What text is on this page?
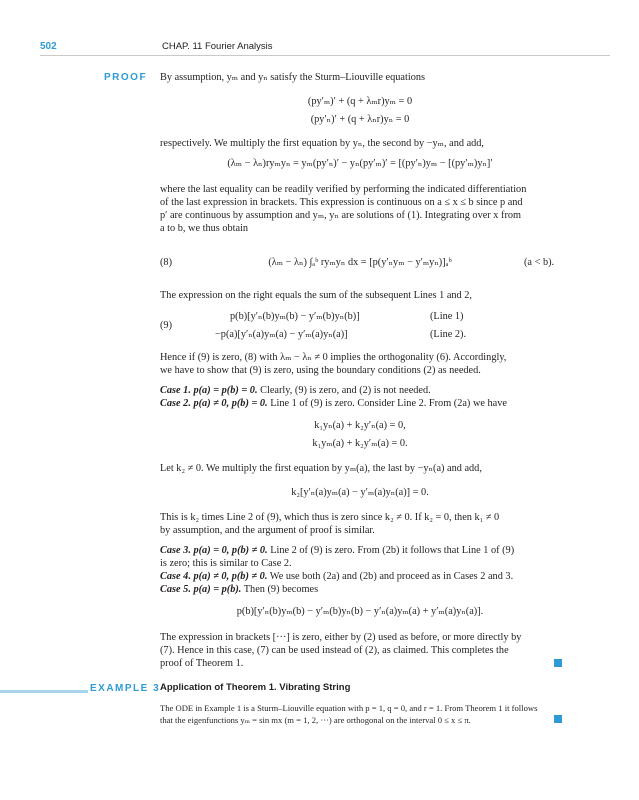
502	CHAP. 11 Fourier Analysis
PROOF By assumption, yₘ and yₙ satisfy the Sturm–Liouville equations
(py′ₘ)′ + (q + λₘr)yₘ = 0
(py′ₙ)′ + (q + λₙr)yₙ = 0
respectively. We multiply the first equation by yₙ, the second by −yₘ, and add,
(λₘ − λₙ)ryₘyₙ = yₘ(py′ₙ)′ − yₙ(py′ₘ)′ = [(py′ₙ)yₘ − [(py′ₘ)yₙ]′
where the last equality can be readily verified by performing the indicated differentiation
of the last expression in brackets. This expression is continuous on a ≤ x ≤ b since p and
p′ are continuous by assumption and yₘ, yₙ are solutions of (1). Integrating over x from
a to b, we thus obtain
(8)	(λₘ − λₙ) ∫ₐᵇ ryₘyₙ dx = [p(y′ₙyₘ − y′ₘyₙ)]ₐᵇ	(a < b).
The expression on the right equals the sum of the subsequent Lines 1 and 2,
(9)
p(b)[y′ₙ(b)yₘ(b) − y′ₘ(b)yₙ(b)]	(Line 1)
−p(a)[y′ₙ(a)yₘ(a) − y′ₘ(a)yₙ(a)]	(Line 2).
Hence if (9) is zero, (8) with λₘ − λₙ ≠ 0 implies the orthogonality (6). Accordingly,
we have to show that (9) is zero, using the boundary conditions (2) as needed.
Case 1. p(a) = p(b) = 0. Clearly, (9) is zero, and (2) is not needed.
Case 2. p(a) ≠ 0, p(b) = 0. Line 1 of (9) is zero. Consider Line 2. From (2a) we have
k₁yₙ(a) + k₂y′ₙ(a) = 0,
k₁yₘ(a) + k₂y′ₘ(a) = 0.
Let k₂ ≠ 0. We multiply the first equation by yₘ(a), the last by −yₙ(a) and add,
k₂[y′ₙ(a)yₘ(a) − y′ₘ(a)yₙ(a)] = 0.
This is k₂ times Line 2 of (9), which thus is zero since k₂ ≠ 0. If k₂ = 0, then k₁ ≠ 0
by assumption, and the argument of proof is similar.
Case 3. p(a) = 0, p(b) ≠ 0. Line 2 of (9) is zero. From (2b) it follows that Line 1 of (9)
is zero; this is similar to Case 2.
Case 4. p(a) ≠ 0, p(b) ≠ 0. We use both (2a) and (2b) and proceed as in Cases 2 and 3.
Case 5. p(a) = p(b). Then (9) becomes
p(b)[y′ₙ(b)yₘ(b) − y′ₘ(b)yₙ(b) − y′ₙ(a)yₘ(a) + y′ₘ(a)yₙ(a)].
The expression in brackets [···] is zero, either by (2) used as before, or more directly by
(7). Hence in this case, (7) can be used instead of (2), as claimed. This completes the
proof of Theorem 1.
EXAMPLE 3 Application of Theorem 1. Vibrating String
The ODE in Example 1 is a Sturm–Liouville equation with p = 1, q = 0, and r = 1. From Theorem 1 it follows
that the eigenfunctions yₘ = sin mx (m = 1, 2, ···) are orthogonal on the interval 0 ≤ x ≤ π.
